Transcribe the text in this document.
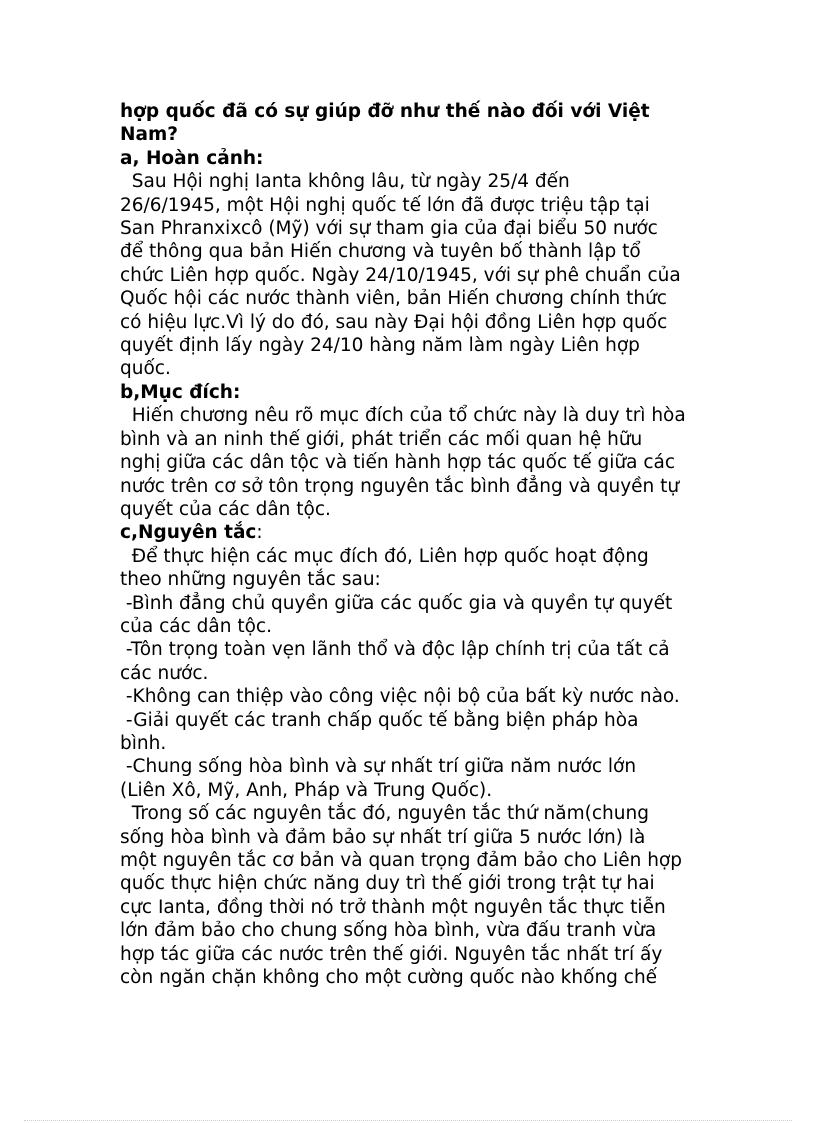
hợp quốc đã có sự giúp đỡ như thế nào đối với Việt

Nam?

a, Hoàn cảnh:

Sau Hội nghị Ianta không lâu, từ ngày 25/4 đến

26/6/1945, một Hội nghị quốc tế lớn đã được triệu tập tại

San Phranxixcô (Mỹ) với sự tham gia của đại biểu 50 nước

để thông qua bản Hiến chương và tuyên bố thành lập tổ

chức Liên hợp quốc. Ngày 24/10/1945, với sự phê chuẩn của

Quốc hội các nước thành viên, bản Hiến chương chính thức

có hiệu lực.Vì lý do đó, sau này Đại hội đồng Liên hợp quốc

quyết định lấy ngày 24/10 hàng năm làm ngày Liên hợp

quốc.

b,Mục đích:

Hiến chương nêu rõ mục đích của tổ chức này là duy trì hòa

bình và an ninh thế giới, phát triển các mối quan hệ hữu

nghị giữa các dân tộc và tiến hành hợp tác quốc tế giữa các

nước trên cơ sở tôn trọng nguyên tắc bình đẳng và quyền tự

quyết của các dân tộc.

c,Nguyên tắc:

Để thực hiện các mục đích đó, Liên hợp quốc hoạt động

theo những nguyên tắc sau:

-Bình đẳng chủ quyền giữa các quốc gia và quyền tự quyết

của các dân tộc.

-Tôn trọng toàn vẹn lãnh thổ và độc lập chính trị của tất cả

các nước.

-Không can thiệp vào công việc nội bộ của bất kỳ nước nào.

-Giải quyết các tranh chấp quốc tế bằng biện pháp hòa

bình.

-Chung sống hòa bình và sự nhất trí giữa năm nước lớn

(Liên Xô, Mỹ, Anh, Pháp và Trung Quốc).

Trong số các nguyên tắc đó, nguyên tắc thứ năm(chung

sống hòa bình và đảm bảo sự nhất trí giữa 5 nước lớn) là

một nguyên tắc cơ bản và quan trọng đảm bảo cho Liên hợp

quốc thực hiện chức năng duy trì thế giới trong trật tự hai

cực Ianta, đồng thời nó trở thành một nguyên tắc thực tiễn

lớn đảm bảo cho chung sống hòa bình, vừa đấu tranh vừa

hợp tác giữa các nước trên thế giới. Nguyên tắc nhất trí ấy

còn ngăn chặn không cho một cường quốc nào khống chế
